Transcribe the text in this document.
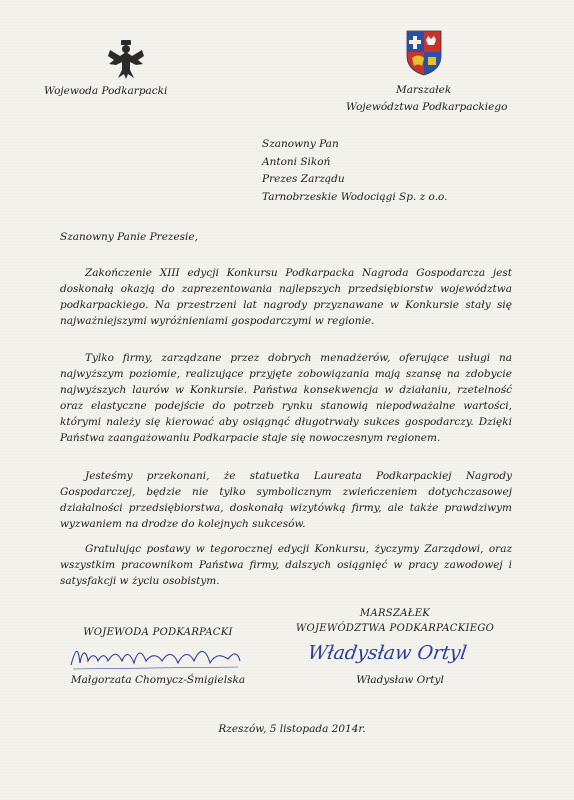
Wojewoda Podkarpacki	Marszałek
Województwa Podkarpackiego
Szanowny Pan
Antoni Sikoń
Prezes Zarządu
Tarnobrzeskie Wodociągi Sp. z o.o.
Szanowny Panie Prezesie,
Zakończenie XIII edycji Konkursu Podkarpacka Nagroda Gospodarcza jest doskonałą okazją do zaprezentowania najlepszych przedsiębiorstw województwa podkarpackiego. Na przestrzeni lat nagrody przyznawane w Konkursie stały się najważniejszymi wyróżnieniami gospodarczymi w regionie.
Tylko firmy, zarządzane przez dobrych menadżerów, oferujące usługi na najwyższym poziomie, realizujące przyjęte zobowiązania mają szansę na zdobycie najwyższych laurów w Konkursie. Państwa konsekwencja w działaniu, rzetelność oraz elastyczne podejście do potrzeb rynku stanowią niepodważalne wartości, którymi należy się kierować aby osiągnąć długotrwały sukces gospodarczy. Dzięki Państwa zaangażowaniu Podkarpacie staje się nowoczesnym regionem.
Jesteśmy przekonani, że statuetka Laureata Podkarpackiej Nagrody Gospodarczej, będzie nie tylko symbolicznym zwieńczeniem dotychczasowej działalności przedsiębiorstwa, doskonałą wizytówką firmy, ale także prawdziwym wyzwaniem na drodze do kolejnych sukcesów.
Gratulując postawy w tegorocznej edycji Konkursu, życzymy Zarządowi, oraz wszystkim pracownikom Państwa firmy, dalszych osiągnięć w pracy zawodowej i satysfakcji w życiu osobistym.
WOJEWODA PODKARPACKI
Małgorzata Chomycz-Śmigielska
MARSZAŁEK
WOJEWÓDZTWA PODKARPACKIEGO
Władysław Ortyl
Władysław Ortyl
Rzeszów, 5 listopada 2014r.
